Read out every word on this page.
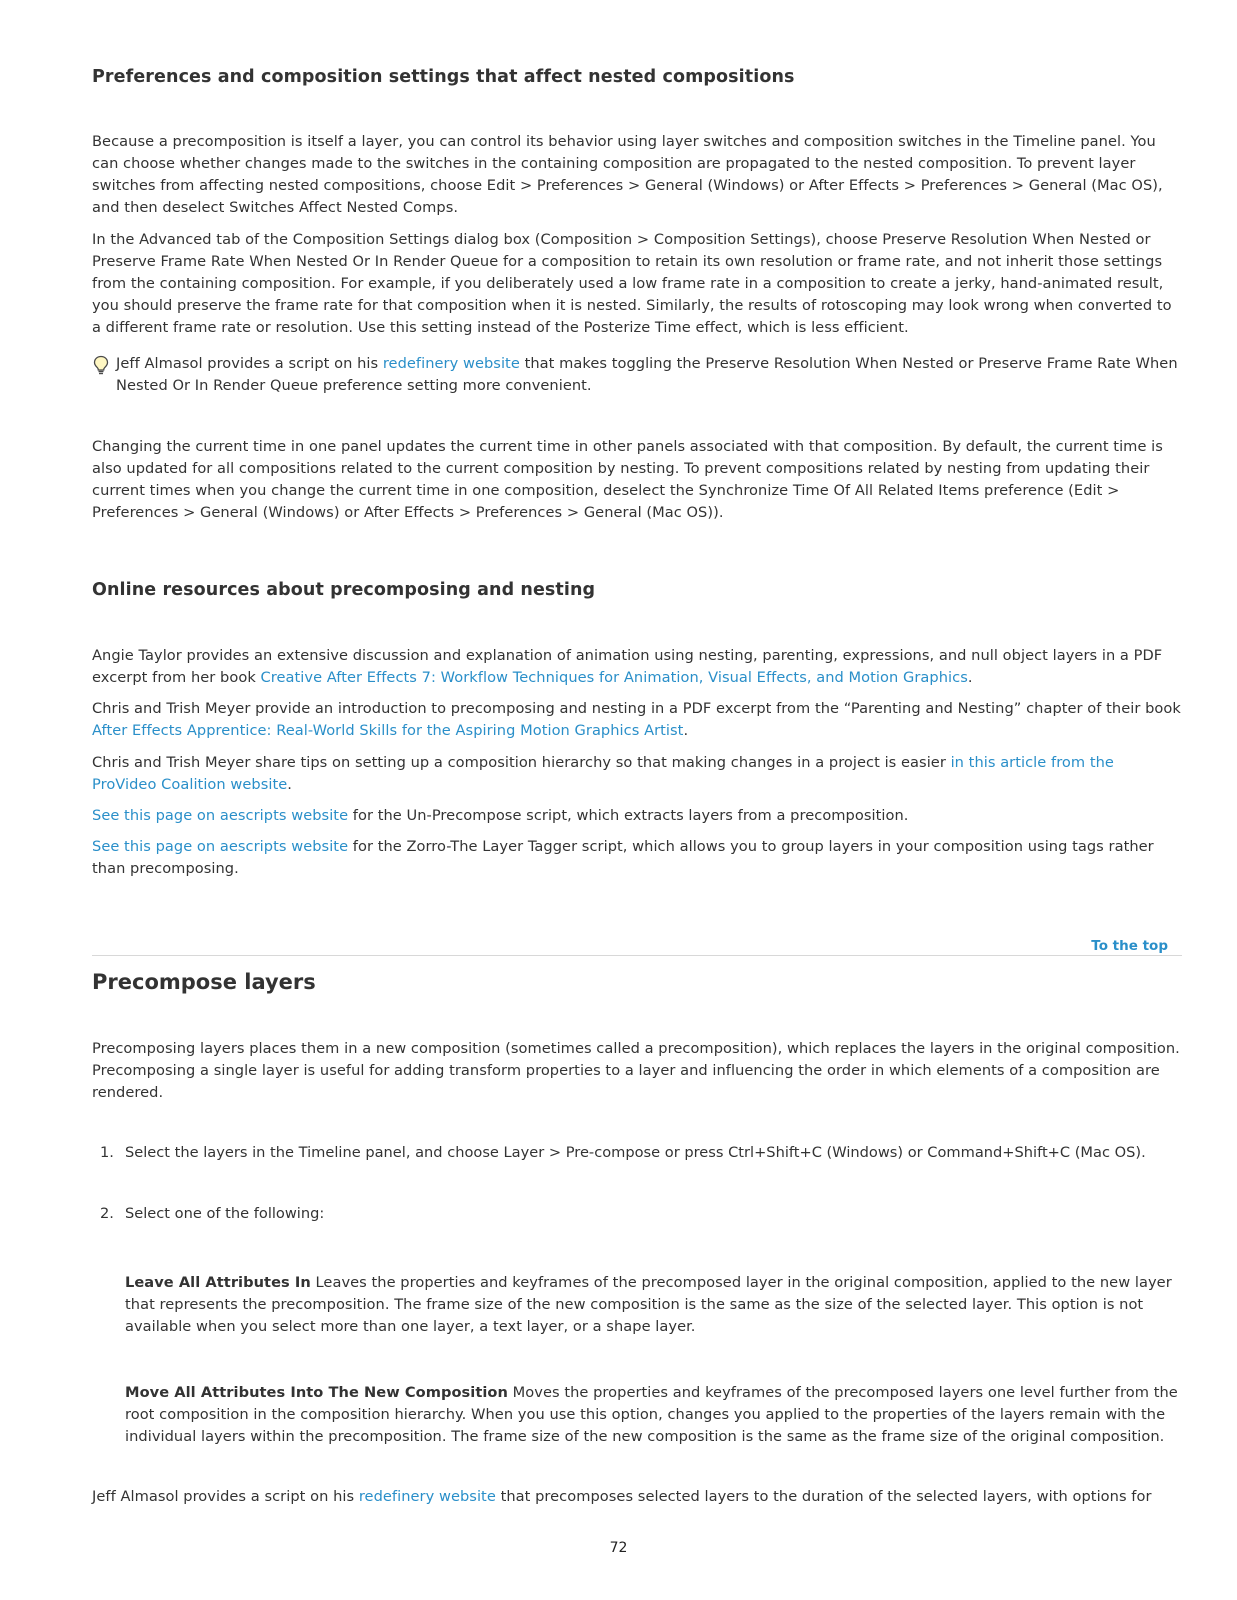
Preferences and composition settings that affect nested compositions

Because a precomposition is itself a layer, you can control its behavior using layer switches and composition switches in the Timeline panel. You can choose whether changes made to the switches in the containing composition are propagated to the nested composition. To prevent layer switches from affecting nested compositions, choose Edit > Preferences > General (Windows) or After Effects > Preferences > General (Mac OS), and then deselect Switches Affect Nested Comps.

In the Advanced tab of the Composition Settings dialog box (Composition > Composition Settings), choose Preserve Resolution When Nested or Preserve Frame Rate When Nested Or In Render Queue for a composition to retain its own resolution or frame rate, and not inherit those settings from the containing composition. For example, if you deliberately used a low frame rate in a composition to create a jerky, hand-animated result, you should preserve the frame rate for that composition when it is nested. Similarly, the results of rotoscoping may look wrong when converted to a different frame rate or resolution. Use this setting instead of the Posterize Time effect, which is less efficient.

Jeff Almasol provides a script on his redefinery website that makes toggling the Preserve Resolution When Nested or Preserve Frame Rate When Nested Or In Render Queue preference setting more convenient.

Changing the current time in one panel updates the current time in other panels associated with that composition. By default, the current time is also updated for all compositions related to the current composition by nesting. To prevent compositions related by nesting from updating their current times when you change the current time in one composition, deselect the Synchronize Time Of All Related Items preference (Edit > Preferences > General (Windows) or After Effects > Preferences > General (Mac OS)).

Online resources about precomposing and nesting

Angie Taylor provides an extensive discussion and explanation of animation using nesting, parenting, expressions, and null object layers in a PDF excerpt from her book Creative After Effects 7: Workflow Techniques for Animation, Visual Effects, and Motion Graphics.

Chris and Trish Meyer provide an introduction to precomposing and nesting in a PDF excerpt from the “Parenting and Nesting” chapter of their book After Effects Apprentice: Real-World Skills for the Aspiring Motion Graphics Artist.

Chris and Trish Meyer share tips on setting up a composition hierarchy so that making changes in a project is easier in this article from the ProVideo Coalition website.

See this page on aescripts website for the Un-Precompose script, which extracts layers from a precomposition.

See this page on aescripts website for the Zorro-The Layer Tagger script, which allows you to group layers in your composition using tags rather than precomposing.

To the top
Precompose layers

Precomposing layers places them in a new composition (sometimes called a precomposition), which replaces the layers in the original composition. Precomposing a single layer is useful for adding transform properties to a layer and influencing the order in which elements of a composition are rendered.

1. Select the layers in the Timeline panel, and choose Layer > Pre-compose or press Ctrl+Shift+C (Windows) or Command+Shift+C (Mac OS).
2. Select one of the following:

Leave All Attributes In Leaves the properties and keyframes of the precomposed layer in the original composition, applied to the new layer that represents the precomposition. The frame size of the new composition is the same as the size of the selected layer. This option is not available when you select more than one layer, a text layer, or a shape layer.

Move All Attributes Into The New Composition Moves the properties and keyframes of the precomposed layers one level further from the root composition in the composition hierarchy. When you use this option, changes you applied to the properties of the layers remain with the individual layers within the precomposition. The frame size of the new composition is the same as the frame size of the original composition.

Jeff Almasol provides a script on his redefinery website that precomposes selected layers to the duration of the selected layers, with options for

72
